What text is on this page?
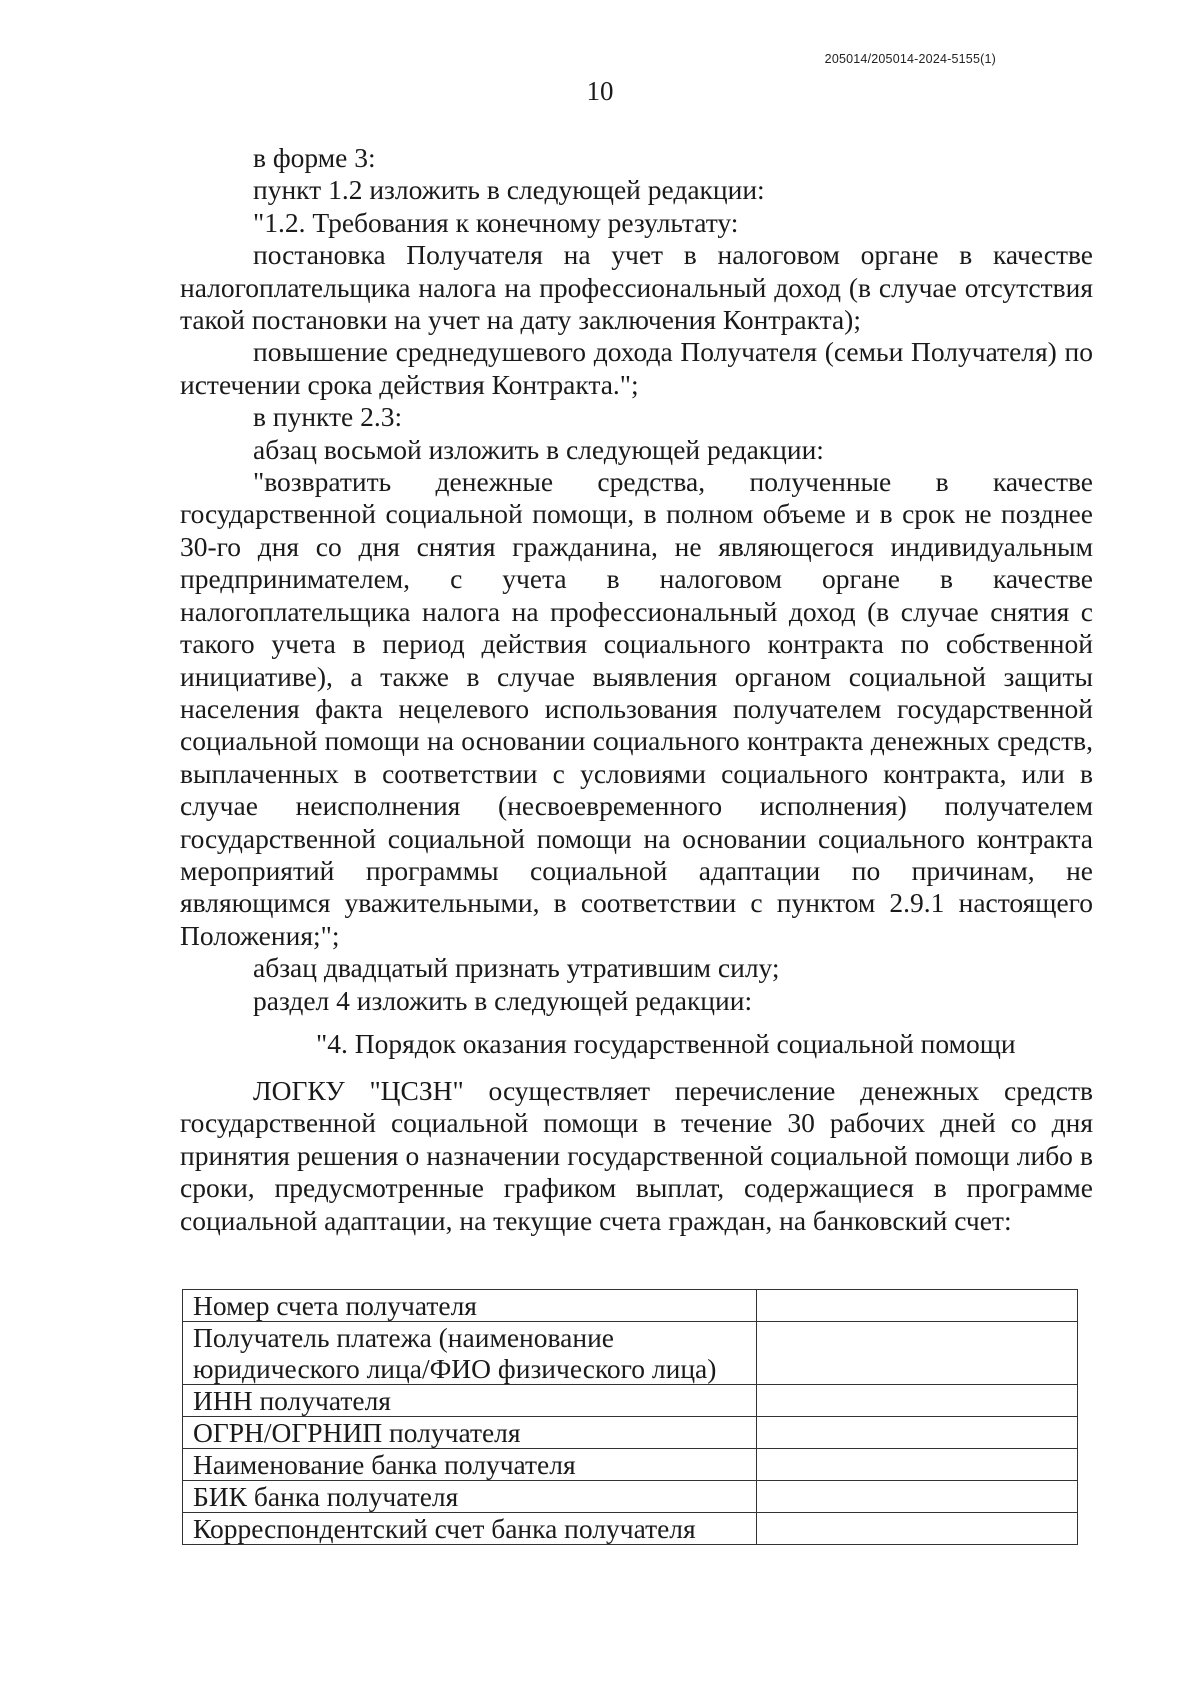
205014/205014-2024-5155(1)
10

в форме 3:

пункт 1.2 изложить в следующей редакции:

"1.2. Требования к конечному результату:

постановка Получателя на учет в налоговом органе в качестве налогоплательщика налога на профессиональный доход (в случае отсутствия такой постановки на учет на дату заключения Контракта);

повышение среднедушевого дохода Получателя (семьи Получателя) по истечении срока действия Контракта.";

в пункте 2.3:

абзац восьмой изложить в следующей редакции:

"возвратить денежные средства, полученные в качестве государственной социальной помощи, в полном объеме и в срок не позднее 30-го дня со дня снятия гражданина, не являющегося индивидуальным предпринимателем, с учета в налоговом органе в качестве налогоплательщика налога на профессиональный доход (в случае снятия с такого учета в период действия социального контракта по собственной инициативе), а также в случае выявления органом социальной защиты населения факта нецелевого использования получателем государственной социальной помощи на основании социального контракта денежных средств, выплаченных в соответствии с условиями социального контракта, или в случае неисполнения (несвоевременного исполнения) получателем государственной социальной помощи на основании социального контракта мероприятий программы социальной адаптации по причинам, не являющимся уважительными, в соответствии с пунктом 2.9.1 настоящего Положения;";

абзац двадцатый признать утратившим силу;

раздел 4 изложить в следующей редакции:

"4. Порядок оказания государственной социальной помощи

ЛОГКУ "ЦСЗН" осуществляет перечисление денежных средств государственной социальной помощи в течение 30 рабочих дней со дня принятия решения о назначении государственной социальной помощи либо в сроки, предусмотренные графиком выплат, содержащиеся в программе социальной адаптации, на текущие счета граждан, на банковский счет:

Номер счета получателя	
Получатель платежа (наименование
юридического лица/ФИО физического лица)	
ИНН получателя	
ОГРН/ОГРНИП получателя	
Наименование банка получателя	
БИК банка получателя	
Корреспондентский счет банка получателя	
